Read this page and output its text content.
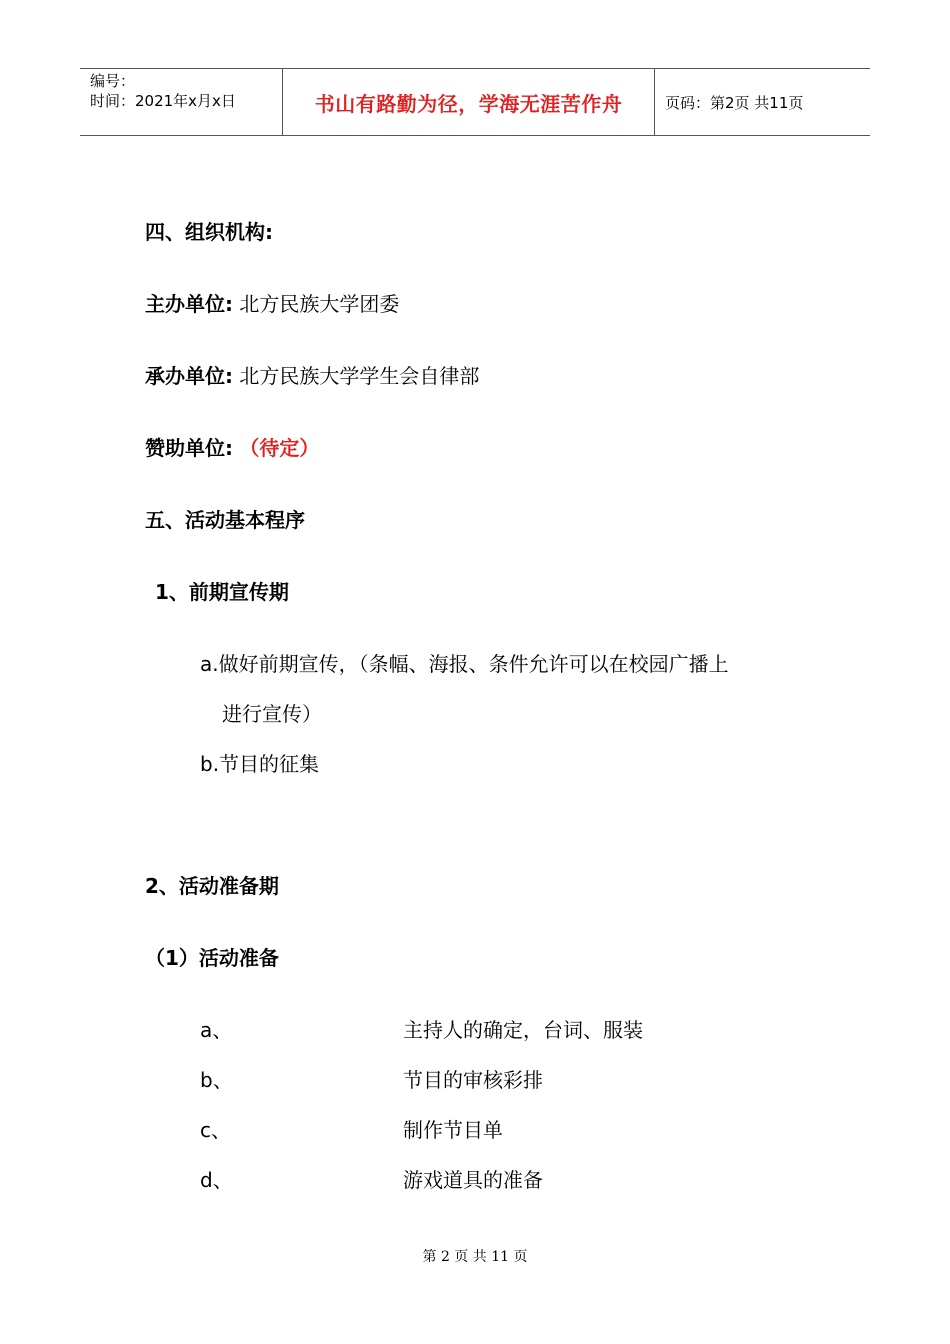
编号：
时间：2021年x月x日	书山有路勤为径，学海无涯苦作舟	页码：第2页 共11页
四、组织机构:
主办单位: 北方民族大学团委
承办单位: 北方民族大学学生会自律部
赞助单位: （待定）
五、活动基本程序
1、前期宣传期
a.做好前期宣传，（条幅、海报、条件允许可以在校园广播上
进行宣传）
b.节目的征集
2、活动准备期
（1）活动准备
a、	主持人的确定，台词、服装
b、	节目的审核彩排
c、	制作节目单
d、	游戏道具的准备
第 2 页 共 11 页
